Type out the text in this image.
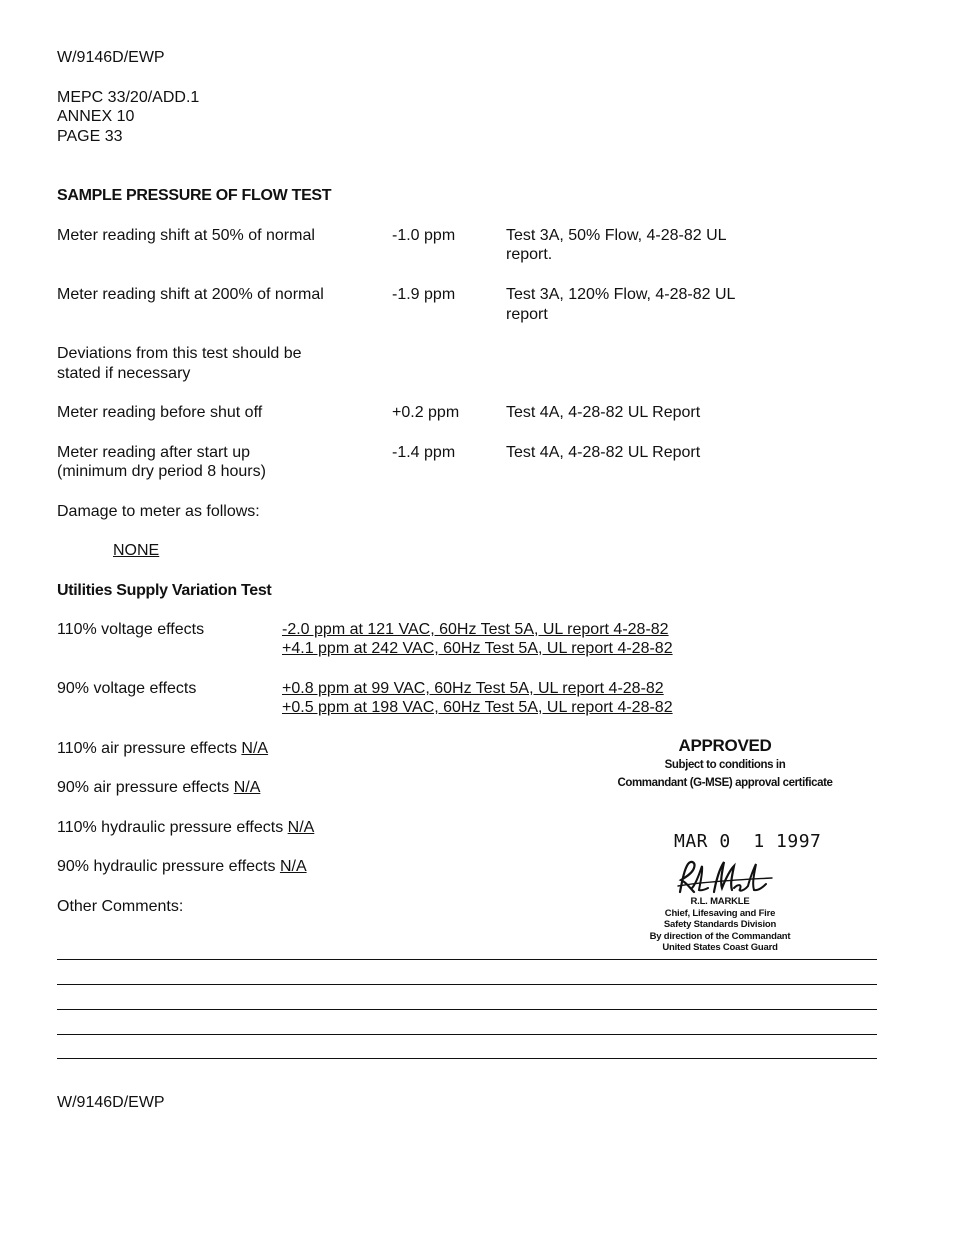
W/9146D/EWP
MEPC 33/20/ADD.1
ANNEX 10
PAGE 33
SAMPLE PRESSURE OF FLOW TEST
Meter reading shift at 50% of normal	-1.0 ppm	Test 3A, 50% Flow, 4-28-82 UL
report.
Meter reading shift at 200% of normal	-1.9 ppm	Test 3A, 120% Flow, 4-28-82 UL
report
Deviations from this test should be
stated if necessary
Meter reading before shut off	+0.2 ppm	Test 4A, 4-28-82 UL Report
Meter reading after start up
(minimum dry period 8 hours)
-1.4 ppm	Test 4A, 4-28-82 UL Report
Damage to meter as follows:
NONE
Utilities Supply Variation Test
110% voltage effects	-2.0 ppm at 121 VAC, 60Hz Test 5A, UL report 4-28-82
+4.1 ppm at 242 VAC, 60Hz Test 5A, UL report 4-28-82
90% voltage effects	+0.8 ppm at 99 VAC, 60Hz Test 5A, UL report 4-28-82
+0.5 ppm at 198 VAC, 60Hz Test 5A, UL report 4-28-82
110% air pressure effects N/A
90% air pressure effects N/A
110% hydraulic pressure effects N/A
90% hydraulic pressure effects N/A
Other Comments:
APPROVED
Subject to conditions in
Commandant (G-MSE) approval certificate
MAR 0  1 1997
R.L. MARKLE
Chief, Lifesaving and Fire
Safety Standards Division
By direction of the Commandant
United States Coast Guard
W/9146D/EWP
